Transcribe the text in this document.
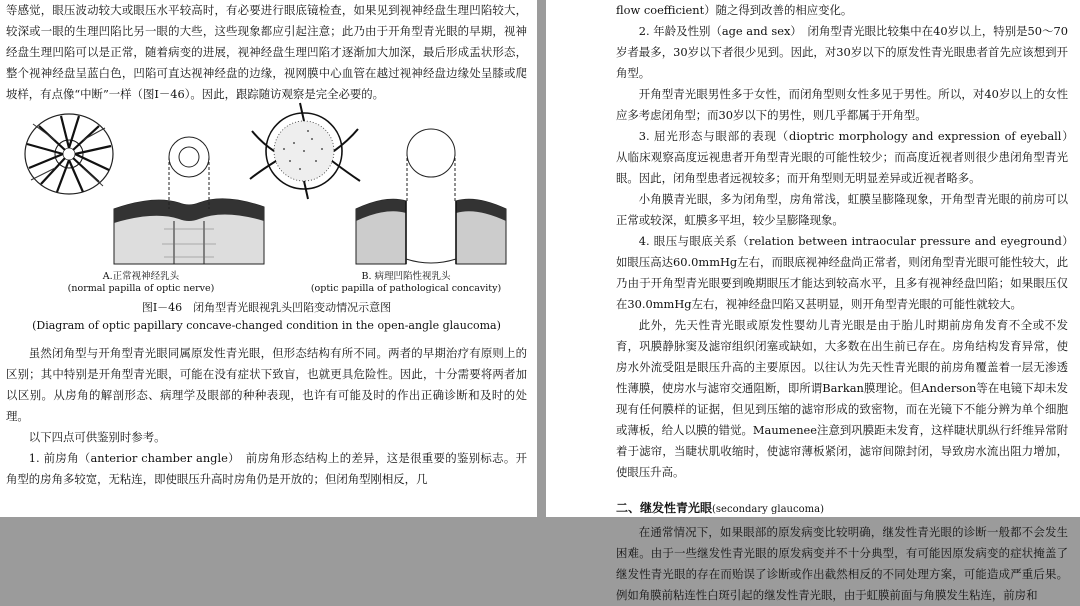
等感觉，眼压波动较大或眼压水平较高时，有必要进行眼底镜检查，如果见到视神经盘生理凹陷较大，较深或一眼的生理凹陷比另一眼的大些，这些现象都应引起注意；此乃由于开角型青光眼的早期，视神经盘生理凹陷可以是正常，随着病变的进展，视神经盘生理凹陷才逐渐加大加深，最后形成盂状形态，整个视神经盘呈蓝白色，凹陷可直达视神经盘的边缘，视网膜中心血管在越过视神经盘边缘处呈膝或爬坡样，有点像“中断”一样（图Ⅰ－46）。因此，跟踪随访观察是完全必要的。

A.正常视神经乳头
(normal papilla of optic nerve)
B. 病理凹陷性视乳头
(optic papilla of pathological concavity)

图Ⅰ－46　闭角型青光眼视乳头凹陷变动情况示意图

(Diagram of optic papillary concave-changed condition in the open-angle glaucoma)

虽然闭角型与开角型青光眼同属原发性青光眼，但形态结构有所不同。两者的早期治疗有原则上的区别；其中特别是开角型青光眼，可能在没有症状下致盲，也就更具危险性。因此，十分需要将两者加以区别。从房角的解剖形态、病理学及眼部的种种表现，也许有可能及时的作出正确诊断和及时的处理。

以下四点可供鉴别时参考。

1. 前房角（anterior chamber angle）　前房角形态结构上的差异，这是很重要的鉴别标志。开角型的房角多较宽，无粘连，即使眼压升高时房角仍是开放的；但闭角型刚相反，几

flow coefficient）随之得到改善的相应变化。

2. 年龄及性别（age and sex）　闭角型青光眼比较集中在40岁以上，特别是50～70岁者最多，30岁以下者很少见到。因此，对30岁以下的原发性青光眼患者首先应该想到开角型。

开角型青光眼男性多于女性，而闭角型则女性多见于男性。所以，对40岁以上的女性应多考虑闭角型；而30岁以下的男性，则几乎都属于开角型。

3. 屈光形态与眼部的表现（dioptric morphology and expression of eyeball）　从临床观察高度远视患者开角型青光眼的可能性较少；而高度近视者则很少患闭角型青光眼。因此，闭角型患者远视较多；而开角型则无明显差异或近视者略多。

小角膜青光眼，多为闭角型，房角常浅，虹膜呈膨隆现象，开角型青光眼的前房可以正常或较深，虹膜多平坦，较少呈膨隆现象。

4. 眼压与眼底关系（relation between intraocular pressure and eyeground）　如眼压高达60.0mmHg左右，而眼底视神经盘尚正常者，则闭角型青光眼可能性较大，此乃由于开角型青光眼要到晚期眼压才能达到较高水平，且多有视神经盘凹陷；如果眼压仅在30.0mmHg左右，视神经盘凹陷又甚明显，则开角型青光眼的可能性就较大。

此外，先天性青光眼或原发性婴幼儿青光眼是由于胎儿时期前房角发育不全或不发育，巩膜静脉窦及滤帘组织闭塞或缺如，大多数在出生前已存在。房角结构发育异常，使房水外流受阻是眼压升高的主要原因。以往认为先天性青光眼的前房角覆盖着一层无渗透性薄膜，使房水与滤帘交通阻断，即所谓Barkan膜理论。但Anderson等在电镜下却未发现有任何膜样的证据，但见到压缩的滤帘形成的致密物，而在光镜下不能分辨为单个细胞或薄板，给人以膜的错觉。Maumenee注意到巩膜距未发育，这样睫状肌纵行纤维异常附着于滤帘，当睫状肌收缩时，使滤帘薄板紧闭，滤帘间隙封闭，导致房水流出阻力增加，使眼压升高。

二、继发性青光眼(secondary glaucoma)

在通常情况下，如果眼部的原发病变比较明确，继发性青光眼的诊断一般都不会发生困难。由于一些继发性青光眼的原发病变并不十分典型，有可能因原发病变的症状掩盖了继发性青光眼的存在而贻误了诊断或作出截然相反的不同处理方案，可能造成严重后果。例如角膜前粘连性白斑引起的继发性青光眼，由于虹膜前面与角膜发生粘连，前房和
